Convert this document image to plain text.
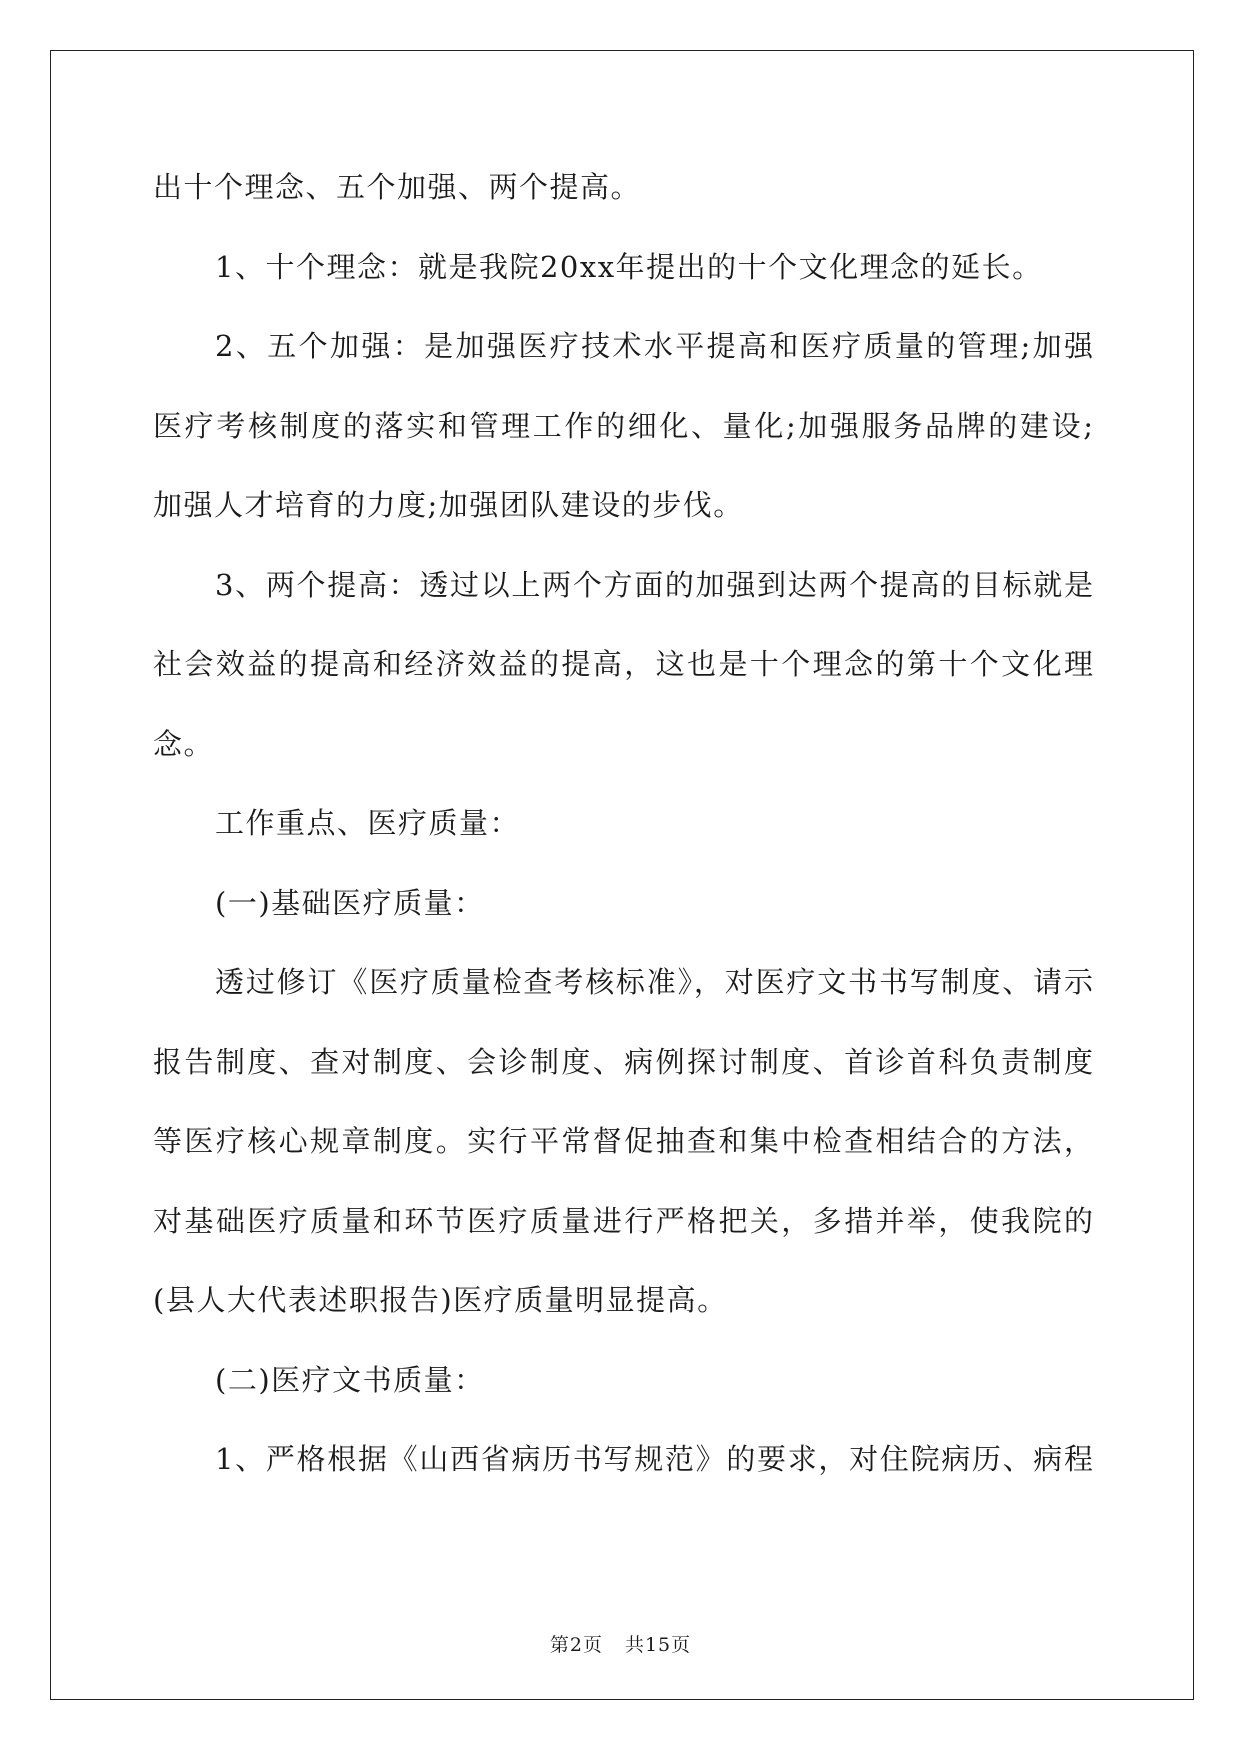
出十个理念、五个加强、两个提高。
1、十个理念：就是我院20xx年提出的十个文化理念的延长。
2、五个加强：是加强医疗技术水平提高和医疗质量的管理;加强
医疗考核制度的落实和管理工作的细化、量化;加强服务品牌的建设;
加强人才培育的力度;加强团队建设的步伐。
3、两个提高：透过以上两个方面的加强到达两个提高的目标就是
社会效益的提高和经济效益的提高，这也是十个理念的第十个文化理
念。
工作重点、医疗质量：
(一)基础医疗质量：
透过修订《医疗质量检查考核标准》，对医疗文书书写制度、请示
报告制度、查对制度、会诊制度、病例探讨制度、首诊首科负责制度
等医疗核心规章制度。实行平常督促抽查和集中检查相结合的方法，
对基础医疗质量和环节医疗质量进行严格把关，多措并举，使我院的
(县人大代表述职报告)医疗质量明显提高。
(二)医疗文书质量：
1、严格根据《山西省病历书写规范》的要求，对住院病历、病程
第2页 共15页
